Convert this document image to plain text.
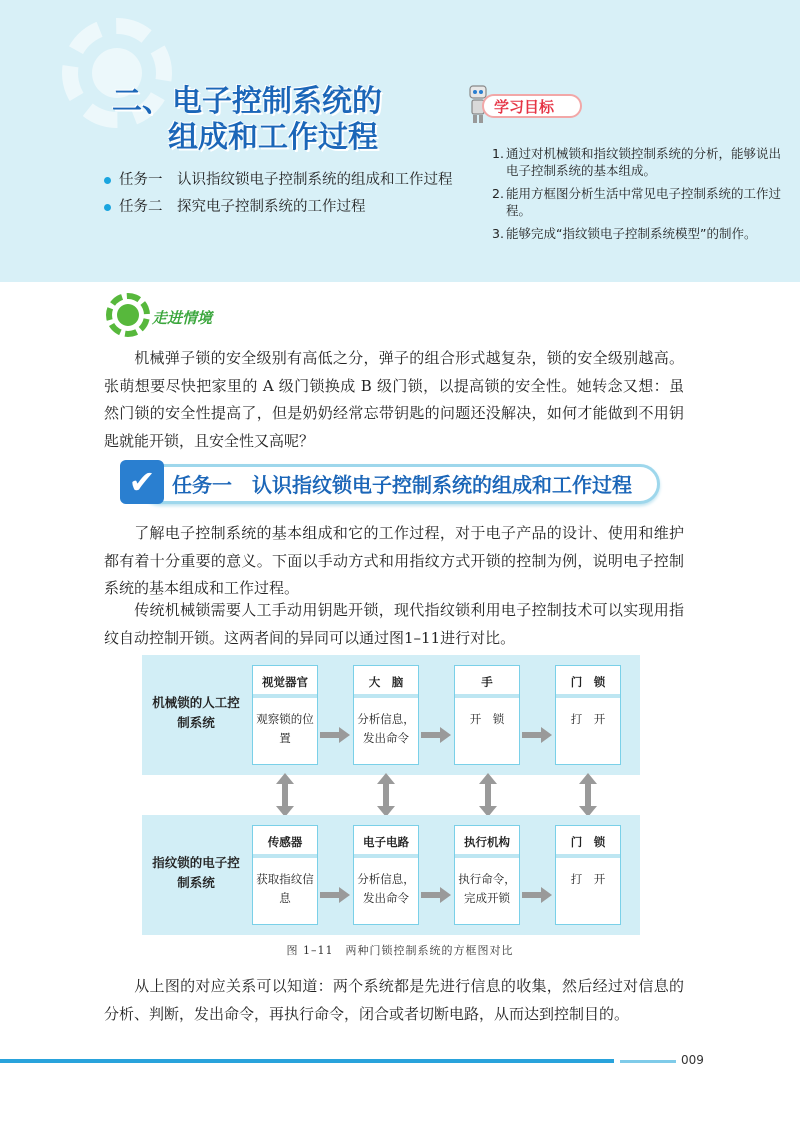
二、电子控制系统的
组成和工作过程
任务一　认识指纹锁电子控制系统的组成和工作过程
任务二　探究电子控制系统的工作过程
学习目标
1. 通过对机械锁和指纹锁控制系统的分析，能够说出电子控制系统的基本组成。
2. 能用方框图分析生活中常见电子控制系统的工作过程。
3. 能够完成“指纹锁电子控制系统模型”的制作。
走进情境

机械弹子锁的安全级别有高低之分，弹子的组合形式越复杂，锁的安全级别越高。张萌想要尽快把家里的 A 级门锁换成 B 级门锁，以提高锁的安全性。她转念又想：虽然门锁的安全性提高了，但是奶奶经常忘带钥匙的问题还没解决，如何才能做到不用钥匙就能开锁，且安全性又高呢？

✔ 任务一　认识指纹锁电子控制系统的组成和工作过程

了解电子控制系统的基本组成和它的工作过程，对于电子产品的设计、使用和维护都有着十分重要的意义。下面以手动方式和用指纹方式开锁的控制为例，说明电子控制系统的基本组成和工作过程。

传统机械锁需要人工手动用钥匙开锁，现代指纹锁利用电子控制技术可以实现用指纹自动控制开锁。这两者间的异同可以通过图1–11进行对比。

机械锁的人工控制系统
视觉器官
观察锁的位置
大　脑
分析信息，发出命令
手
开　锁
门　锁
打　开
指纹锁的电子控制系统
传感器
获取指纹信息
电子电路
分析信息，发出命令
执行机构
执行命令，完成开锁
门　锁
打　开
图 1–11　两种门锁控制系统的方框图对比

从上图的对应关系可以知道：两个系统都是先进行信息的收集，然后经过对信息的分析、判断，发出命令，再执行命令，闭合或者切断电路，从而达到控制目的。

009
